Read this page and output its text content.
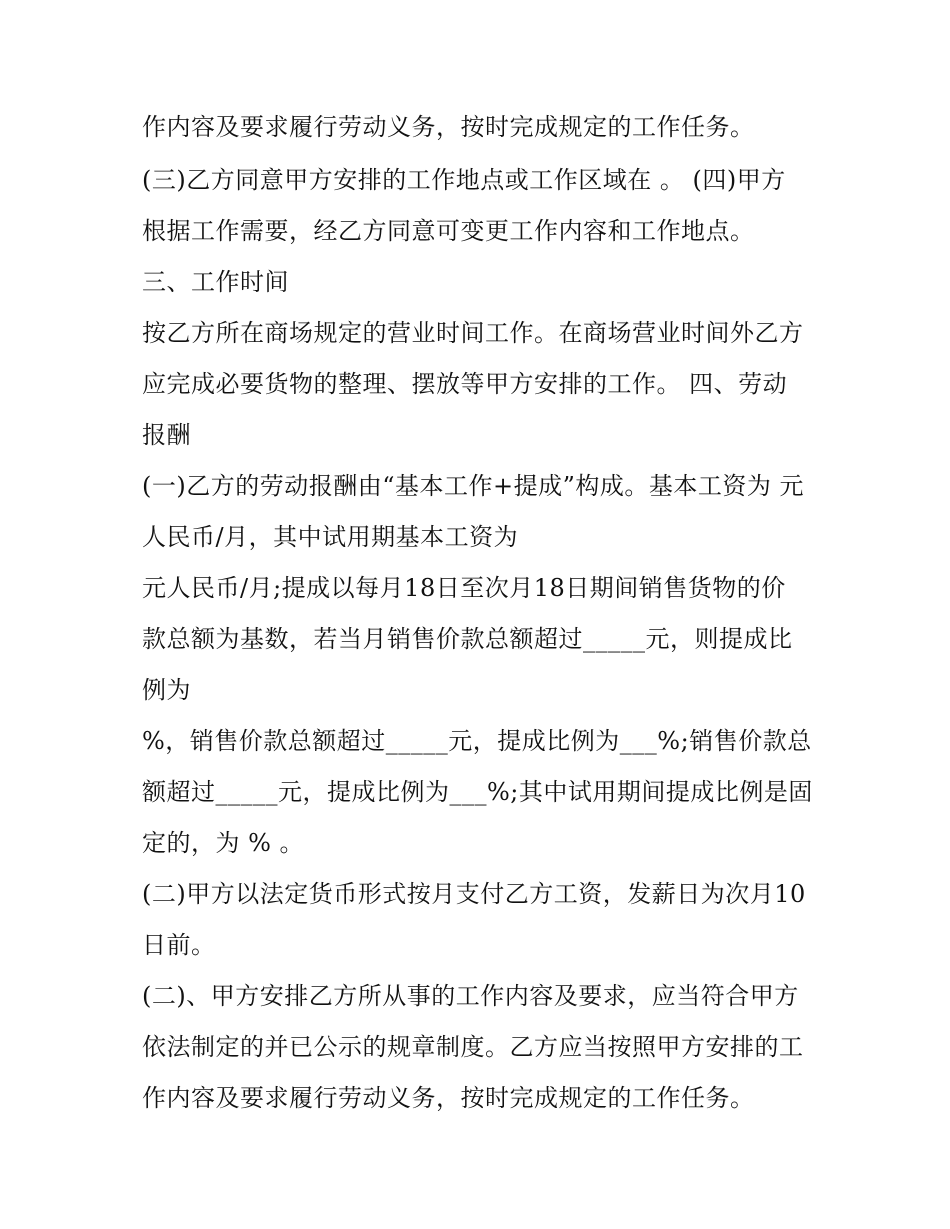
作内容及要求履行劳动义务，按时完成规定的工作任务。
(三)乙方同意甲方安排的工作地点或工作区域在 。 (四)甲方
根据工作需要，经乙方同意可变更工作内容和工作地点。
三、工作时间
按乙方所在商场规定的营业时间工作。在商场营业时间外乙方
应完成必要货物的整理、摆放等甲方安排的工作。 四、劳动
报酬
(一)乙方的劳动报酬由“基本工作+提成”构成。基本工资为 元
人民币/月，其中试用期基本工资为
元人民币/月;提成以每月18日至次月18日期间销售货物的价
款总额为基数，若当月销售价款总额超过_____元，则提成比
例为
%，销售价款总额超过_____元，提成比例为___%;销售价款总
额超过_____元，提成比例为___%;其中试用期间提成比例是固
定的，为 % 。
(二)甲方以法定货币形式按月支付乙方工资，发薪日为次月10
日前。
(二)、甲方安排乙方所从事的工作内容及要求，应当符合甲方
依法制定的并已公示的规章制度。乙方应当按照甲方安排的工
作内容及要求履行劳动义务，按时完成规定的工作任务。
